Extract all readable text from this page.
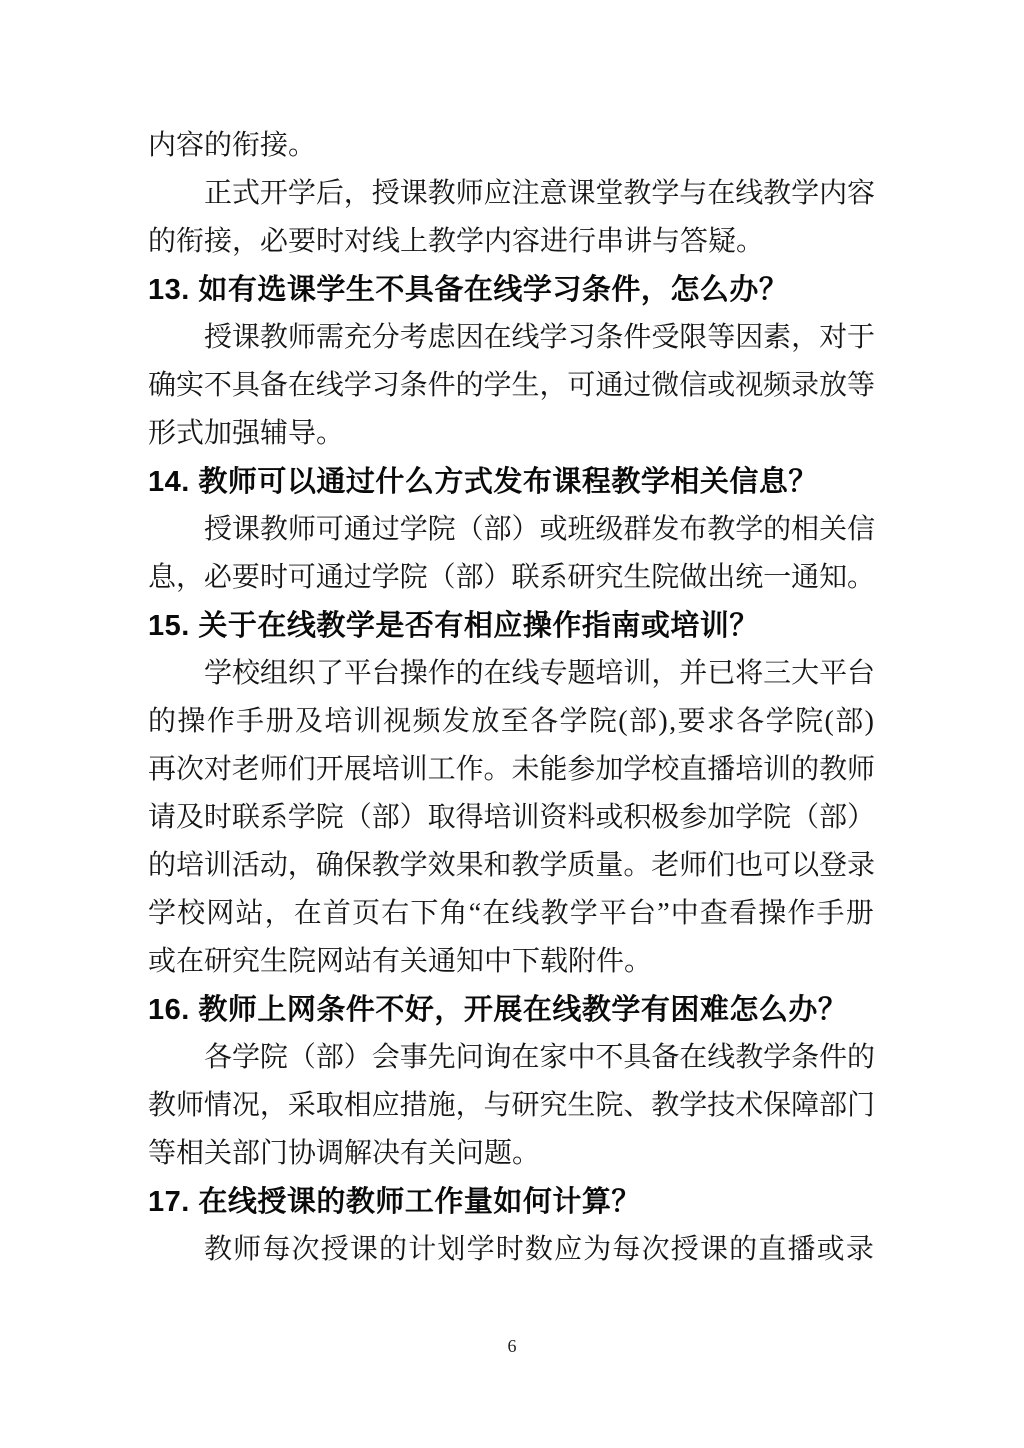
内容的衔接。
正式开学后，授课教师应注意课堂教学与在线教学内容
的衔接，必要时对线上教学内容进行串讲与答疑。
13. 如有选课学生不具备在线学习条件，怎么办？
授课教师需充分考虑因在线学习条件受限等因素，对于
确实不具备在线学习条件的学生，可通过微信或视频录放等
形式加强辅导。
14. 教师可以通过什么方式发布课程教学相关信息？
授课教师可通过学院（部）或班级群发布教学的相关信
息，必要时可通过学院（部）联系研究生院做出统一通知。
15. 关于在线教学是否有相应操作指南或培训？
学校组织了平台操作的在线专题培训，并已将三大平台
的操作手册及培训视频发放至各学院(部),要求各学院(部)
再次对老师们开展培训工作。未能参加学校直播培训的教师
请及时联系学院（部）取得培训资料或积极参加学院（部）
的培训活动，确保教学效果和教学质量。老师们也可以登录
学校网站，在首页右下角“在线教学平台”中查看操作手册
或在研究生院网站有关通知中下载附件。
16. 教师上网条件不好，开展在线教学有困难怎么办？
各学院（部）会事先问询在家中不具备在线教学条件的
教师情况，采取相应措施，与研究生院、教学技术保障部门
等相关部门协调解决有关问题。
17. 在线授课的教师工作量如何计算？
教师每次授课的计划学时数应为每次授课的直播或录
6
